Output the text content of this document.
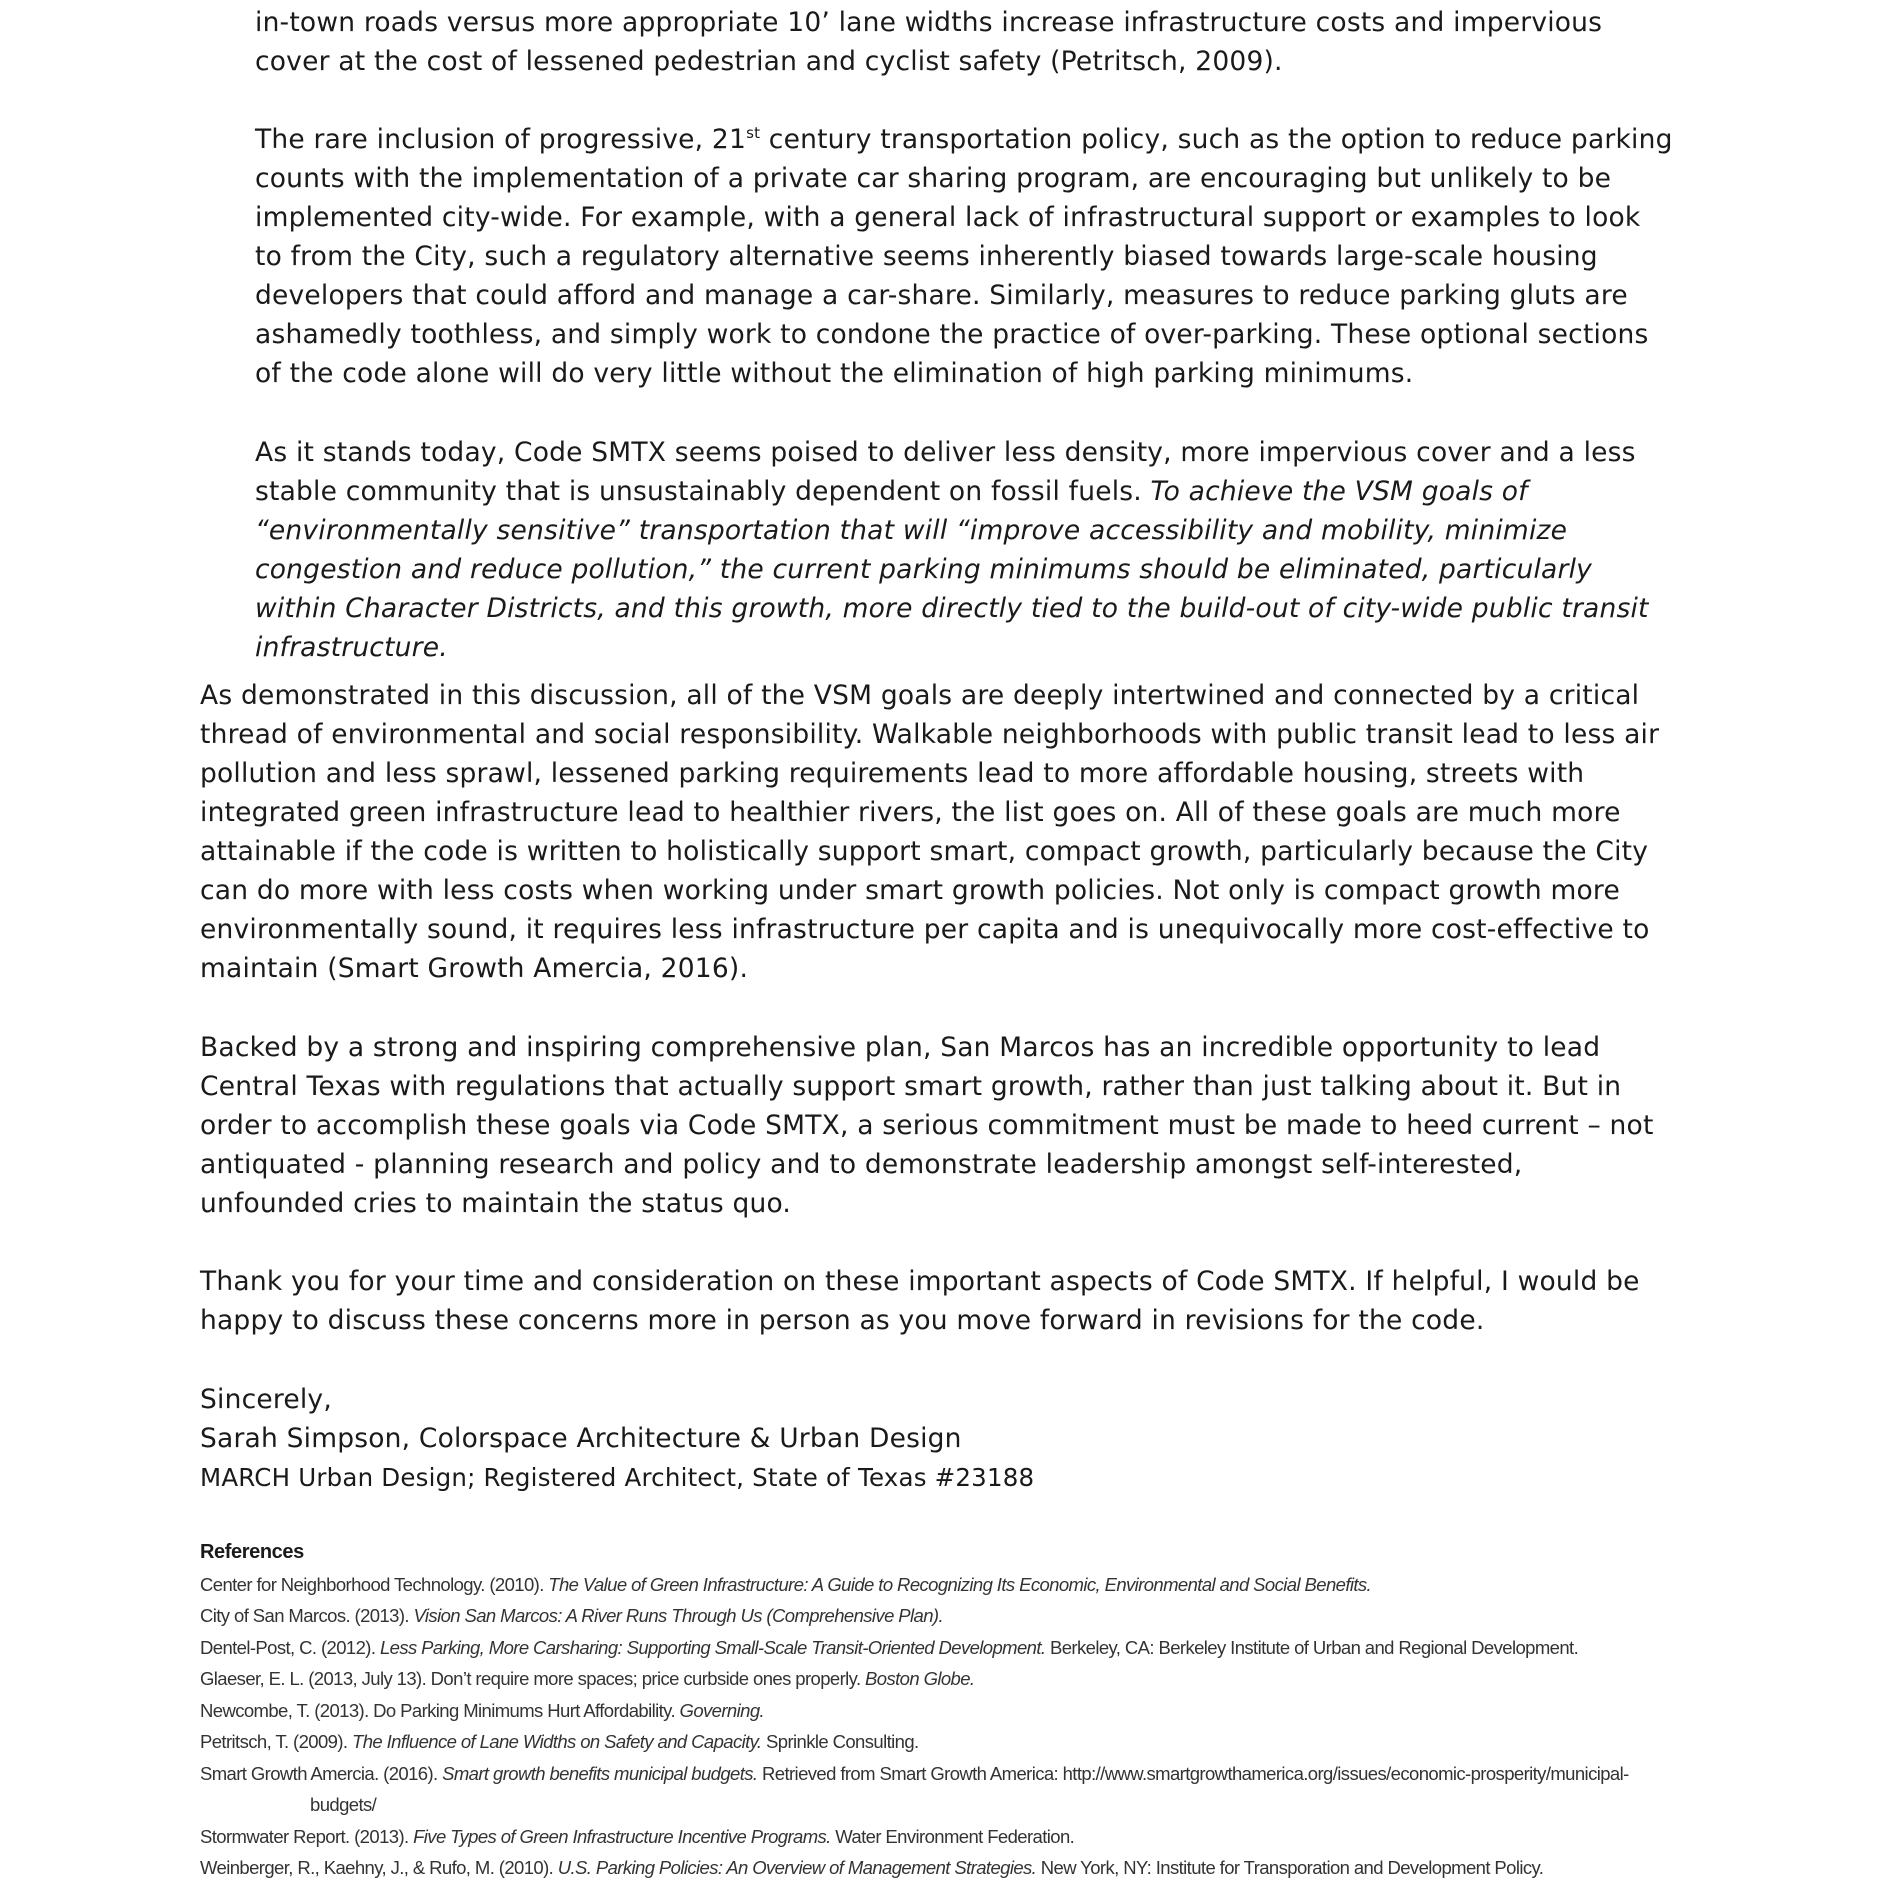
in-town roads versus more appropriate 10’ lane widths increase infrastructure costs and impervious cover at the cost of lessened pedestrian and cyclist safety (Petritsch, 2009).

The rare inclusion of progressive, 21st century transportation policy, such as the option to reduce parking counts with the implementation of a private car sharing program, are encouraging but unlikely to be implemented city-wide. For example, with a general lack of infrastructural support or examples to look to from the City, such a regulatory alternative seems inherently biased towards large-scale housing developers that could afford and manage a car-share. Similarly, measures to reduce parking gluts are ashamedly toothless, and simply work to condone the practice of over-parking. These optional sections of the code alone will do very little without the elimination of high parking minimums.

As it stands today, Code SMTX seems poised to deliver less density, more impervious cover and a less stable community that is unsustainably dependent on fossil fuels. To achieve the VSM goals of “environmentally sensitive” transportation that will “improve accessibility and mobility, minimize congestion and reduce pollution,” the current parking minimums should be eliminated, particularly within Character Districts, and this growth, more directly tied to the build-out of city-wide public transit infrastructure.

As demonstrated in this discussion, all of the VSM goals are deeply intertwined and connected by a critical thread of environmental and social responsibility. Walkable neighborhoods with public transit lead to less air pollution and less sprawl, lessened parking requirements lead to more affordable housing, streets with integrated green infrastructure lead to healthier rivers, the list goes on. All of these goals are much more attainable if the code is written to holistically support smart, compact growth, particularly because the City can do more with less costs when working under smart growth policies. Not only is compact growth more environmentally sound, it requires less infrastructure per capita and is unequivocally more cost-effective to maintain (Smart Growth Amercia, 2016).

Backed by a strong and inspiring comprehensive plan, San Marcos has an incredible opportunity to lead Central Texas with regulations that actually support smart growth, rather than just talking about it. But in order to accomplish these goals via Code SMTX, a serious commitment must be made to heed current – not antiquated - planning research and policy and to demonstrate leadership amongst self-interested, unfounded cries to maintain the status quo.

Thank you for your time and consideration on these important aspects of Code SMTX. If helpful, I would be happy to discuss these concerns more in person as you move forward in revisions for the code.

Sincerely,
Sarah Simpson, Colorspace Architecture & Urban Design
MARCH Urban Design; Registered Architect, State of Texas #23188
References
Center for Neighborhood Technology. (2010). The Value of Green Infrastructure: A Guide to Recognizing Its Economic, Environmental and Social Benefits.
City of San Marcos. (2013). Vision San Marcos: A River Runs Through Us (Comprehensive Plan).
Dentel-Post, C. (2012). Less Parking, More Carsharing: Supporting Small-Scale Transit-Oriented Development. Berkeley, CA: Berkeley Institute of Urban and Regional Development.
Glaeser, E. L. (2013, July 13). Don’t require more spaces; price curbside ones properly. Boston Globe.
Newcombe, T. (2013). Do Parking Minimums Hurt Affordability. Governing.
Petritsch, T. (2009). The Influence of Lane Widths on Safety and Capacity. Sprinkle Consulting.
Smart Growth Amercia. (2016). Smart growth benefits municipal budgets. Retrieved from Smart Growth America: http://www.smartgrowthamerica.org/issues/economic-prosperity/municipal-budgets/
Stormwater Report. (2013). Five Types of Green Infrastructure Incentive Programs. Water Environment Federation.
Weinberger, R., Kaehny, J., & Rufo, M. (2010). U.S. Parking Policies: An Overview of Management Strategies. New York, NY: Institute for Transporation and Development Policy.
